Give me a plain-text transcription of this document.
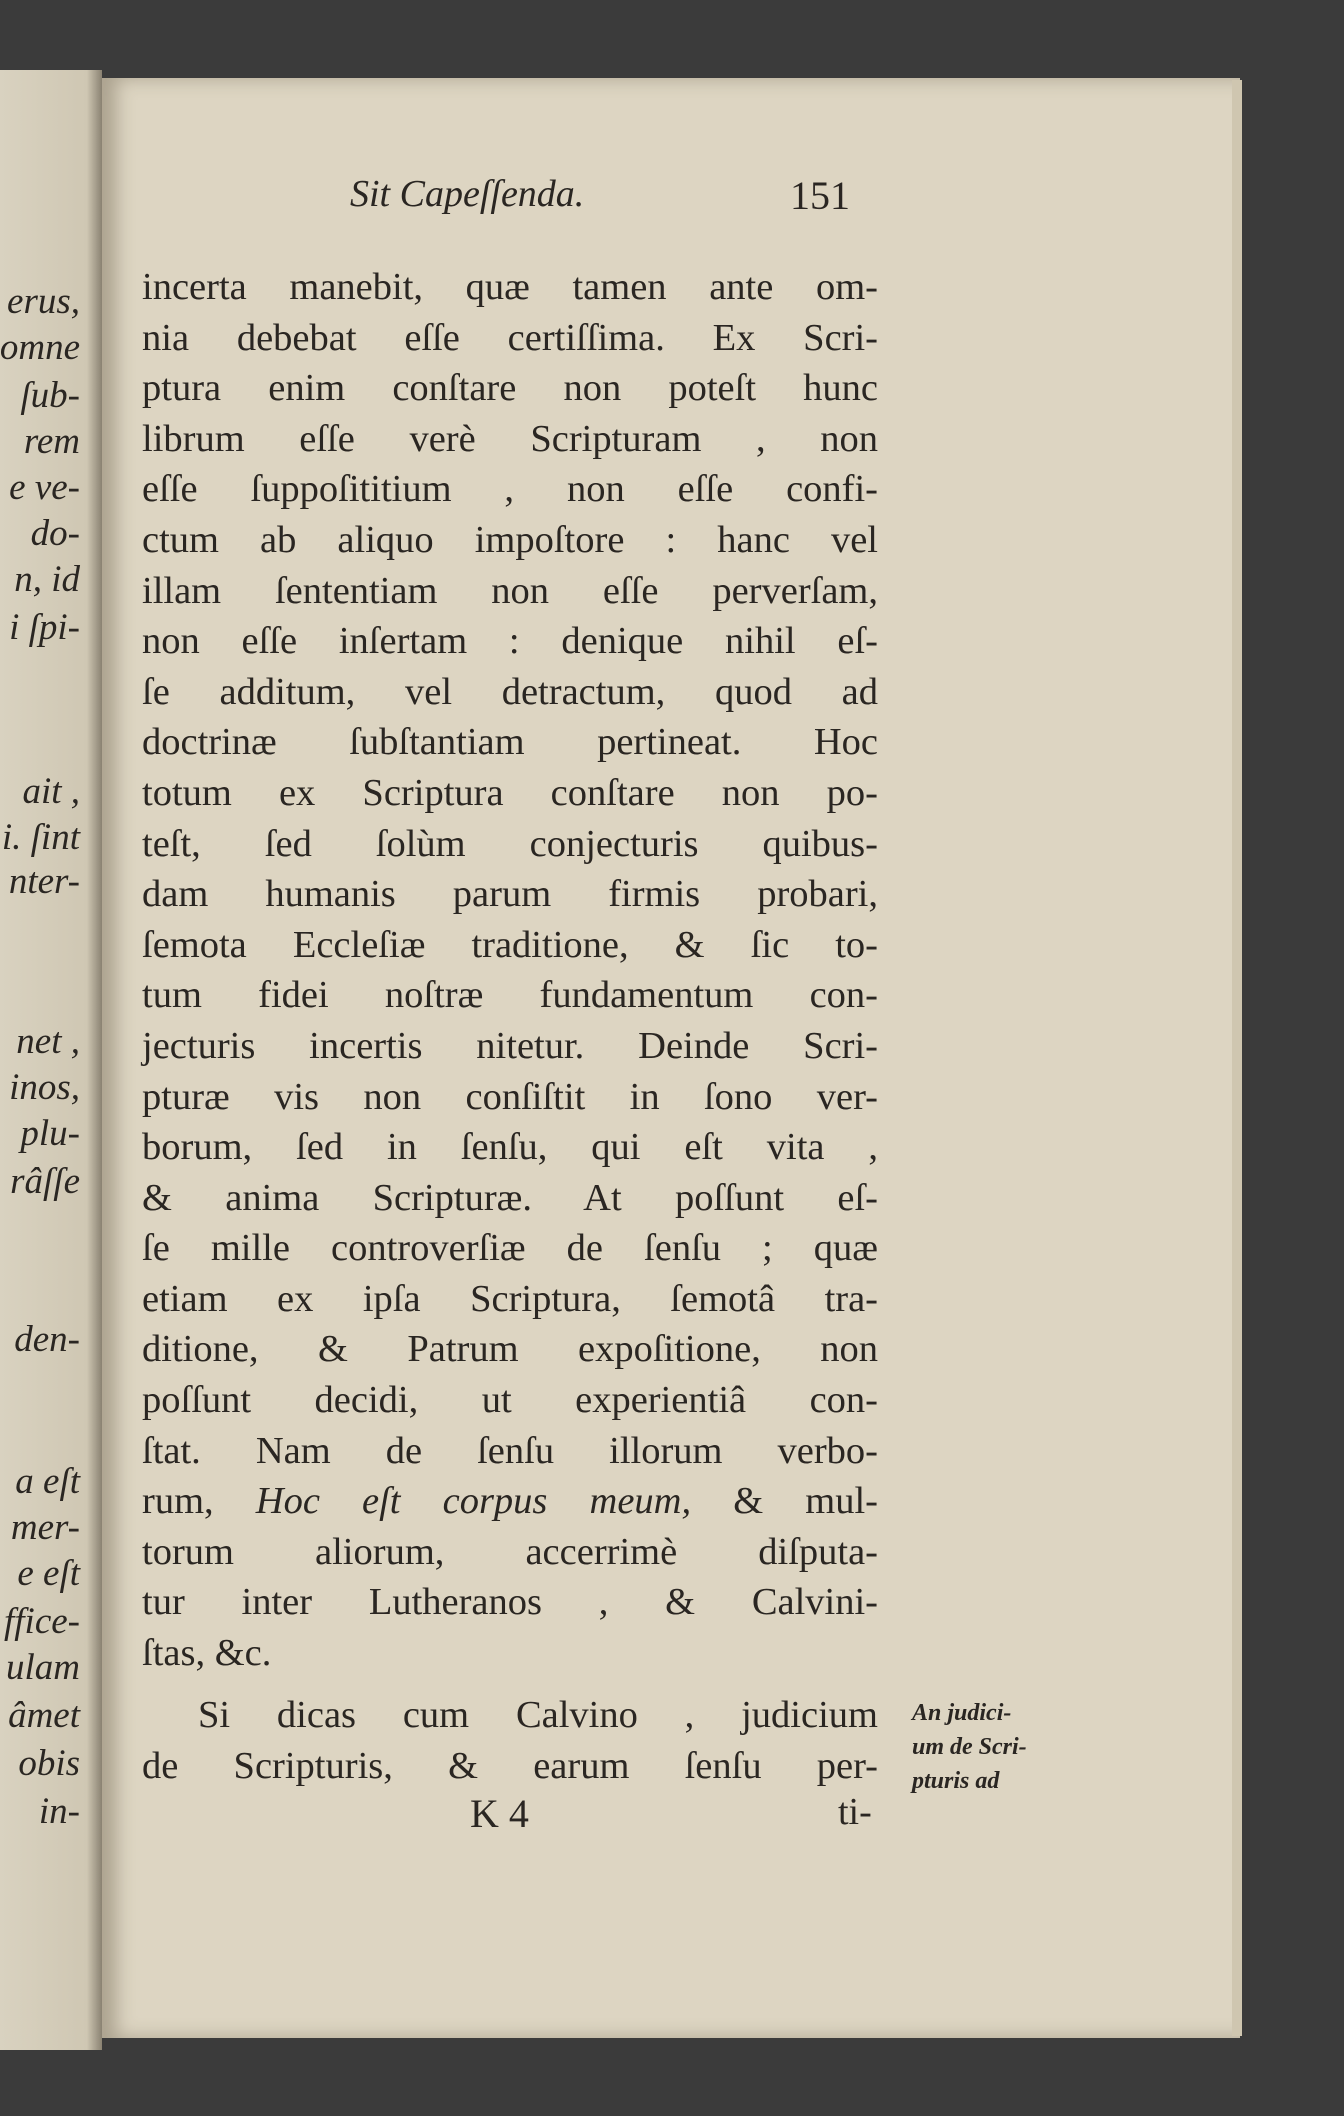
erus,
omne
ſub-
rem
e ve-
do-
n, id
i ſpi-
ait ,
i. ſint
nter-
net ,
inos,
plu-
râſſe
den-
a eſt
mer-
e eſt
ffice-
ulam
âmet
obis
in-
Sit Capeſſenda.	151
incerta manebit, quæ tamen ante om-
nia debebat eſſe certiſſima. Ex Scri-
ptura enim conſtare non poteſt hunc
librum eſſe verè Scripturam , non
eſſe ſuppoſititium , non eſſe confi-
ctum ab aliquo impoſtore : hanc vel
illam ſententiam non eſſe perverſam,
non eſſe inſertam : denique nihil eſ-
ſe additum, vel detractum, quod ad
doctrinæ ſubſtantiam pertineat. Hoc
totum ex Scriptura conſtare non po-
teſt, ſed ſolùm conjecturis quibus-
dam humanis parum firmis probari,
ſemota Eccleſiæ traditione, & ſic to-
tum fidei noſtræ fundamentum con-
jecturis incertis nitetur. Deinde Scri-
pturæ vis non conſiſtit in ſono ver-
borum, ſed in ſenſu, qui eſt vita ,
& anima Scripturæ. At poſſunt eſ-
ſe mille controverſiæ de ſenſu ; quæ
etiam ex ipſa Scriptura, ſemotâ tra-
ditione, & Patrum expoſitione, non
poſſunt decidi, ut experientiâ con-
ſtat. Nam de ſenſu illorum verbo-
rum, Hoc eſt corpus meum, & mul-
torum aliorum, accerrimè diſputa-
tur inter Lutheranos , & Calvini-
ſtas, &c.
Si dicas cum Calvino , judicium
de Scripturis, & earum ſenſu per-
K 4	ti-
An judici-
um de Scri-
pturis ad
